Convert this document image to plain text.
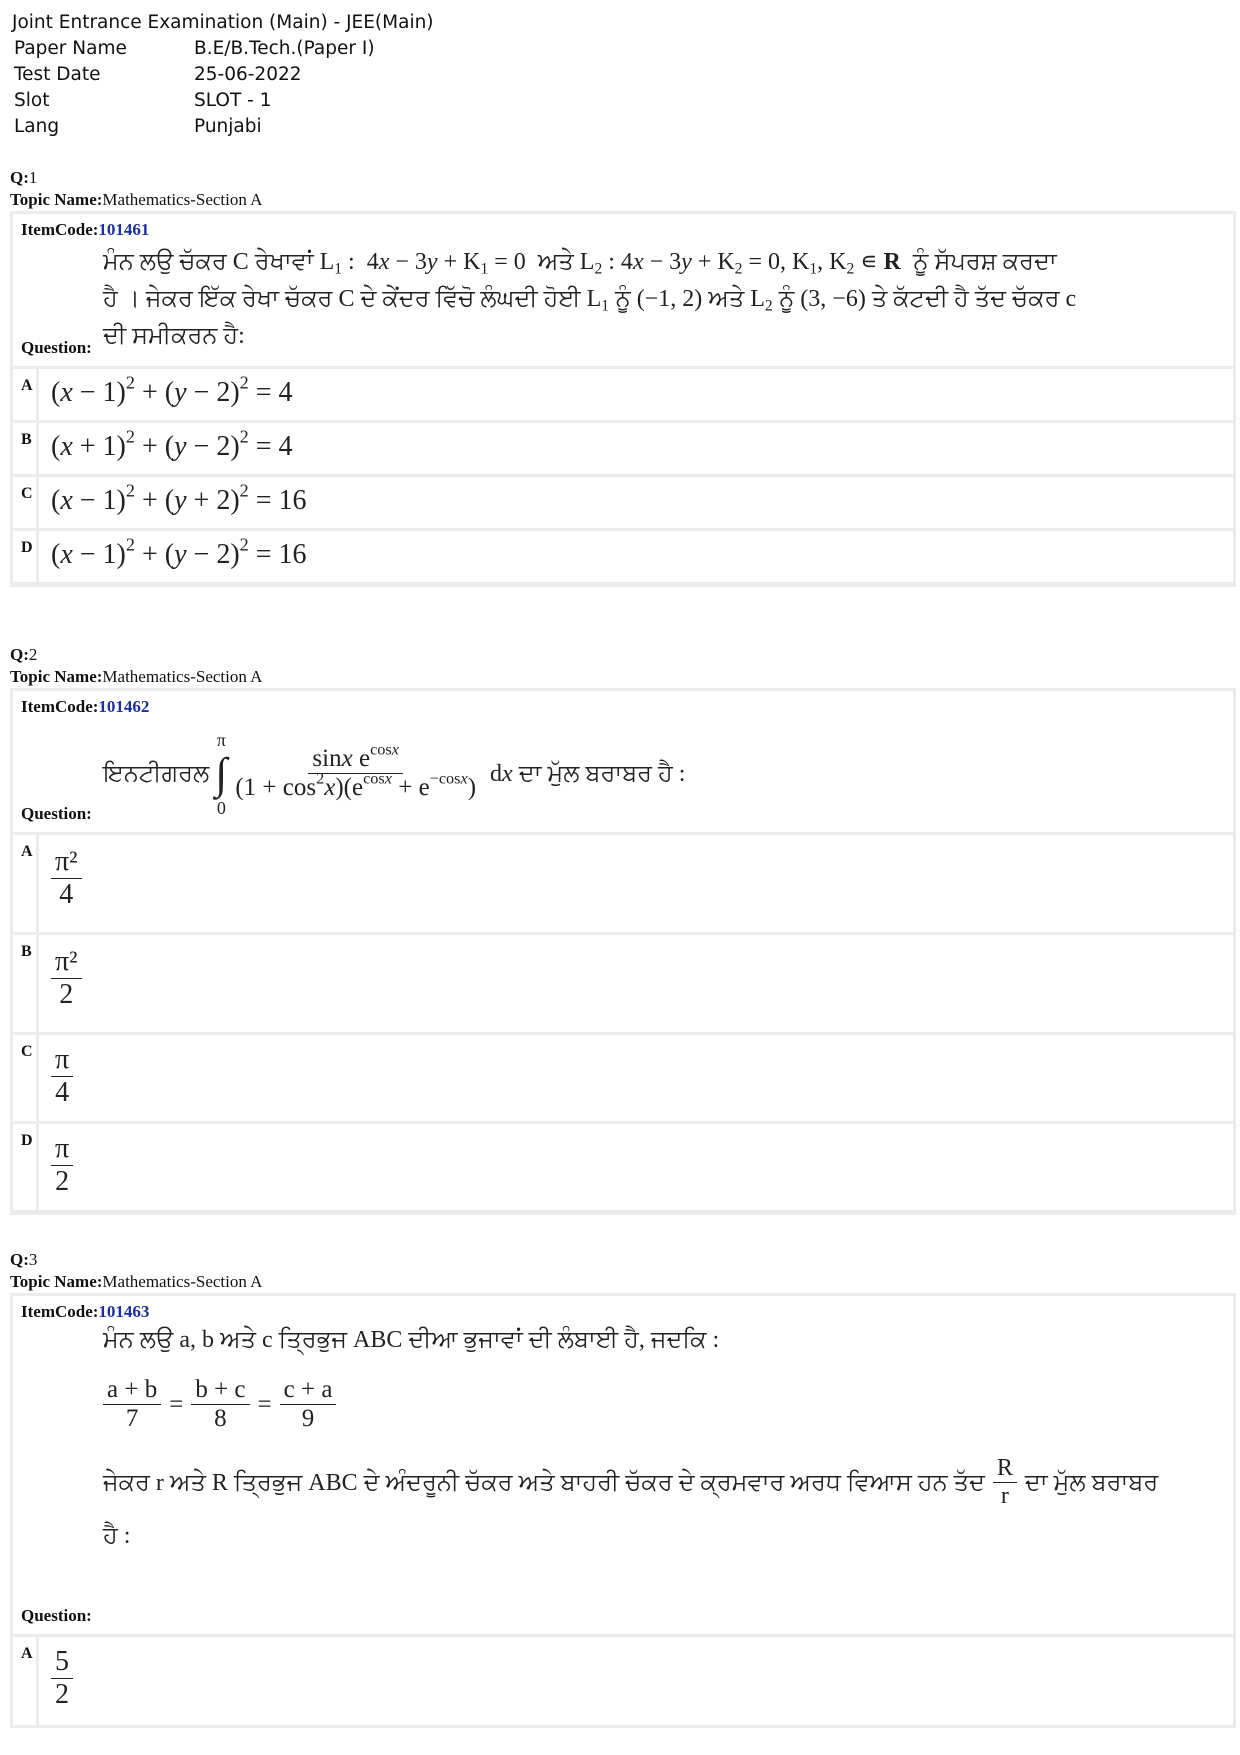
Joint Entrance Examination (Main) - JEE(Main)
Paper Name	B.E/B.Tech.(Paper I)
Test Date	25-06-2022
Slot	SLOT - 1
Lang	Punjabi
Q:1
Topic Name:Mathematics-Section A
ItemCode:101461
ਮੰਨ ਲਉ ਚੱਕਰ C ਰੇਖਾਵਾਂ $L_1$ :  $4x - 3y + K_1 = 0$  ਅਤੇ $L_2$ : $4x - 3y + K_2 = 0$, $K_1$, $K_2$ ∊ R ਨੂੰ ਸੱਪਰਸ਼ ਕਰਦਾ
ਹੈ । ਜੇਕਰ ਇੱਕ ਰੇਖਾ ਚੱਕਰ C ਦੇ ਕੇਂਦਰ ਵਿੱਚੋ ਲੰਘਦੀ ਹੋਈ $L_1$ ਨੂੰ (−1, 2) ਅਤੇ $L_2$ ਨੂੰ (3, −6) ਤੇ ਕੱਟਦੀ ਹੈ ਤੱਦ ਚੱਕਰ c
ਦੀ ਸਮੀਕਰਨ ਹੈ:
Question:
A $(x - 1)^2 + (y - 2)^2 = 4$
B $(x + 1)^2 + (y - 2)^2 = 4$
C $(x - 1)^2 + (y + 2)^2 = 16$
D $(x - 1)^2 + (y - 2)^2 = 16$
Q:2
Topic Name:Mathematics-Section A
ItemCode:101462
ਇਨਟੀਗਰਲ
π
∫
0
$\frac{\sin x e^{cosx}}{(1 + \cos^2x)(e^{cosx} + e^{-cosx})}$ dx ਦਾ ਮੁੱਲ ਬਰਾਬਰ ਹੈ :
Question:
A $\frac{\text{π²}}{4}$
B $\frac{\text{π²}}{2}$
C $\frac{\pi}{4}$
D $\frac{\pi}{2}$
Q:3
Topic Name:Mathematics-Section A
ItemCode:101463
ਮੰਨ ਲਉ a, b ਅਤੇ c ਤ੍ਰਿਭੁਜ ABC ਦੀਆ ਭੁਜਾਵਾਂ ਦੀ ਲੰਬਾਈ ਹੈ, ਜਦਕਿ :
$\frac{a + b}{7} = \frac{b + c}{8} = \frac{c + a}{9}$
ਜੇਕਰ r ਅਤੇ R ਤ੍ਰਿਭੁਜ ABC ਦੇ ਅੰਦਰੂਨੀ ਚੱਕਰ ਅਤੇ ਬਾਹਰੀ ਚੱਕਰ ਦੇ ਕ੍ਰਮਵਾਰ ਅਰਧ ਵਿਆਸ ਹਨ ਤੱਦ $\frac{R}{r}$ ਦਾ ਮੁੱਲ ਬਰਾਬਰ
ਹੈ :
Question:
A $\frac{5}{2}$
